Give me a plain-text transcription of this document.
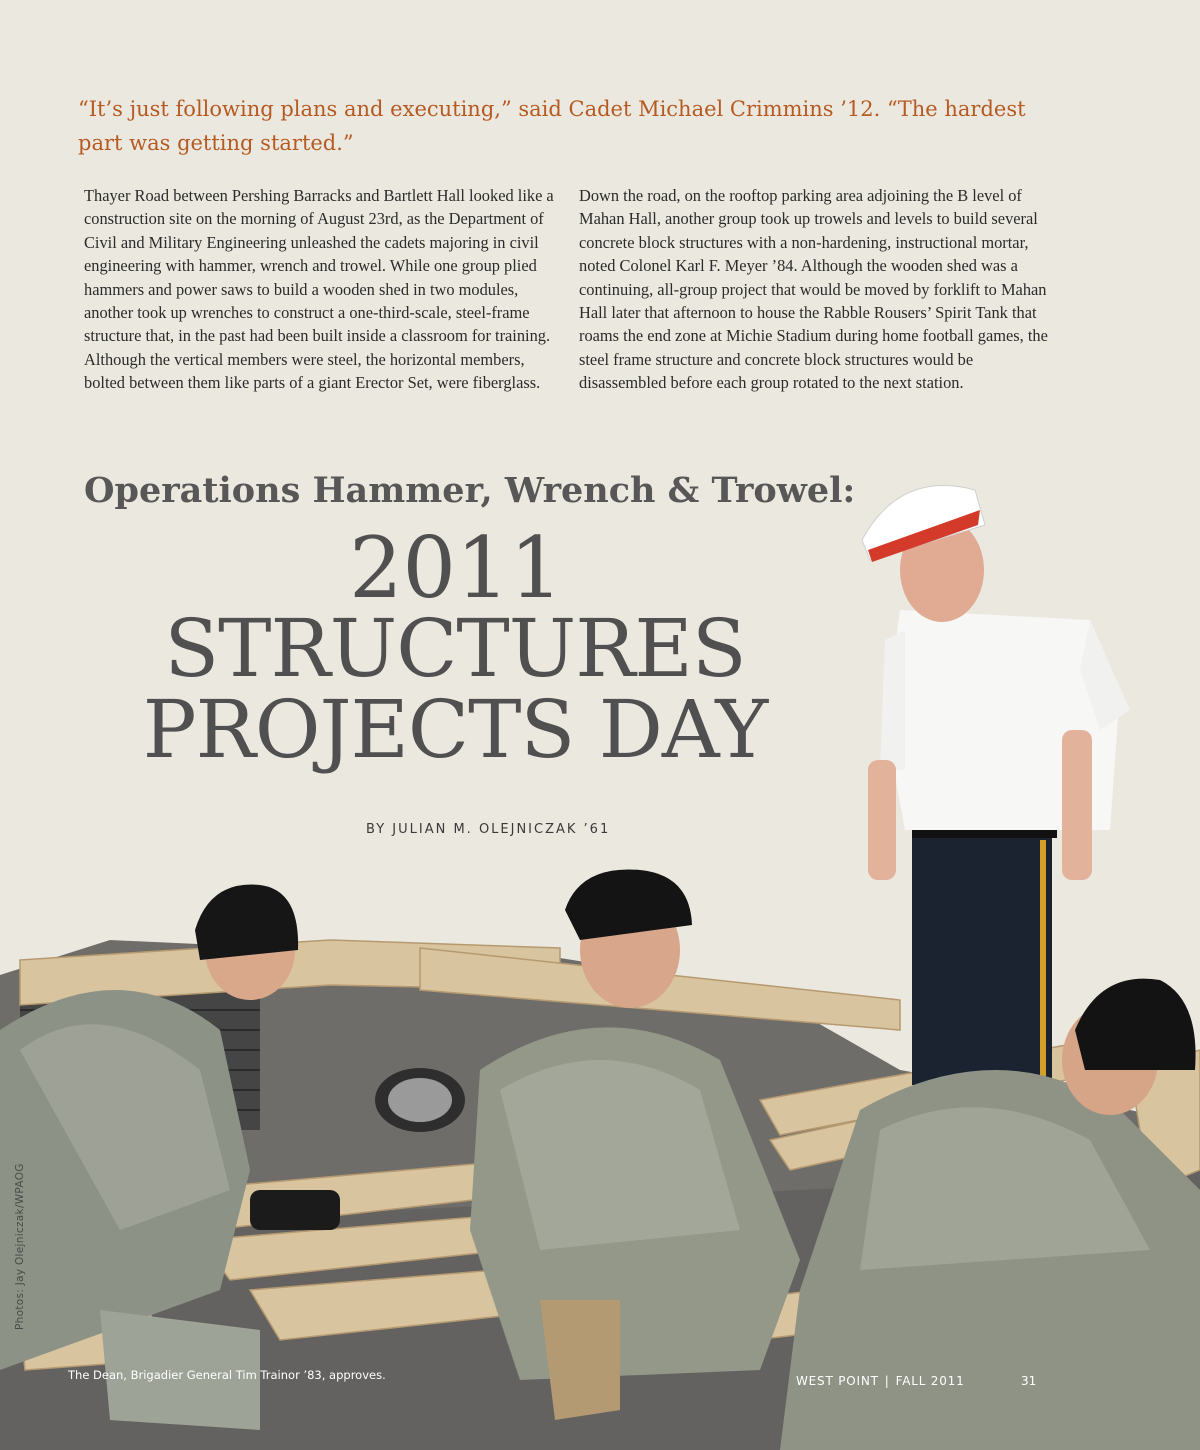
“It’s just following plans and executing,” said Cadet Michael Crimmins ’12. “The hardest part was getting started.”

Thayer Road between Pershing Barracks and Bartlett Hall looked like a construction site on the morning of August 23rd, as the Department of Civil and Military Engineering unleashed the cadets majoring in civil engineering with hammer, wrench and trowel. While one group plied hammers and power saws to build a wooden shed in two modules, another took up wrenches to construct a one-third-scale, steel-frame structure that, in the past had been built inside a classroom for training. Although the vertical members were steel, the horizontal members, bolted between them like parts of a giant Erector Set, were fiberglass.

Down the road, on the rooftop parking area adjoining the B level of Mahan Hall, another group took up trowels and levels to build several concrete block structures with a non-hardening, instructional mortar, noted Colonel Karl F. Meyer ’84. Although the wooden shed was a continuing, all-group project that would be moved by forklift to Mahan Hall later that afternoon to house the Rabble Rousers’ Spirit Tank that roams the end zone at Michie Stadium during home football games, the steel frame structure and concrete block structures would be disassembled before each group rotated to the next station.

Operations Hammer, Wrench & Trowel:
2011
STRUCTURES
PROJECTS DAY

BY JULIAN M. OLEJNICZAK ’61

Photos: Jay Olejniczak/WPAOG
The Dean, Brigadier General Tim Trainor ’83, approves.	WEST POINT | FALL 2011	31
